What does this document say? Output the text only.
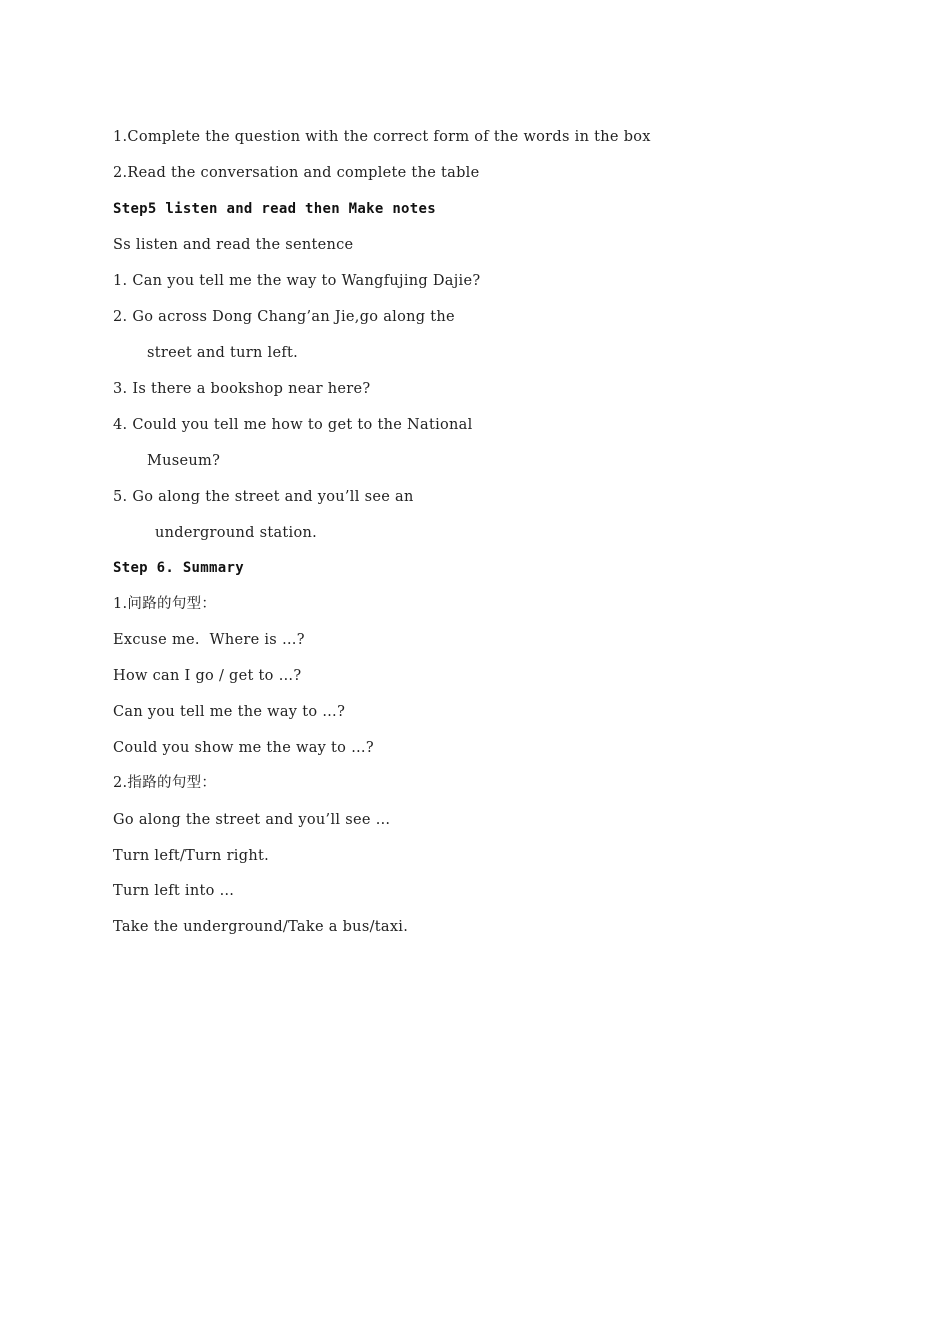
1.Complete the question with the correct form of the words in the box
2.Read the conversation and complete the table
Step5 listen and read then Make notes
Ss listen and read the sentence
1. Can you tell me the way to Wangfujing Dajie?
2. Go across Dong Chang’an Jie,go along the
street and turn left.
3. Is there a bookshop near here?
4. Could you tell me how to get to the National
Museum?
5. Go along the street and you’ll see an
underground station.
Step 6. Summary
1.问路的句型：
Excuse me.  Where is …?
How can I go / get to …?
Can you tell me the way to …?
Could you show me the way to …?
2.指路的句型：
Go along the street and you’ll see …
Turn left/Turn right.
Turn left into …
Take the underground/Take a bus/taxi.
